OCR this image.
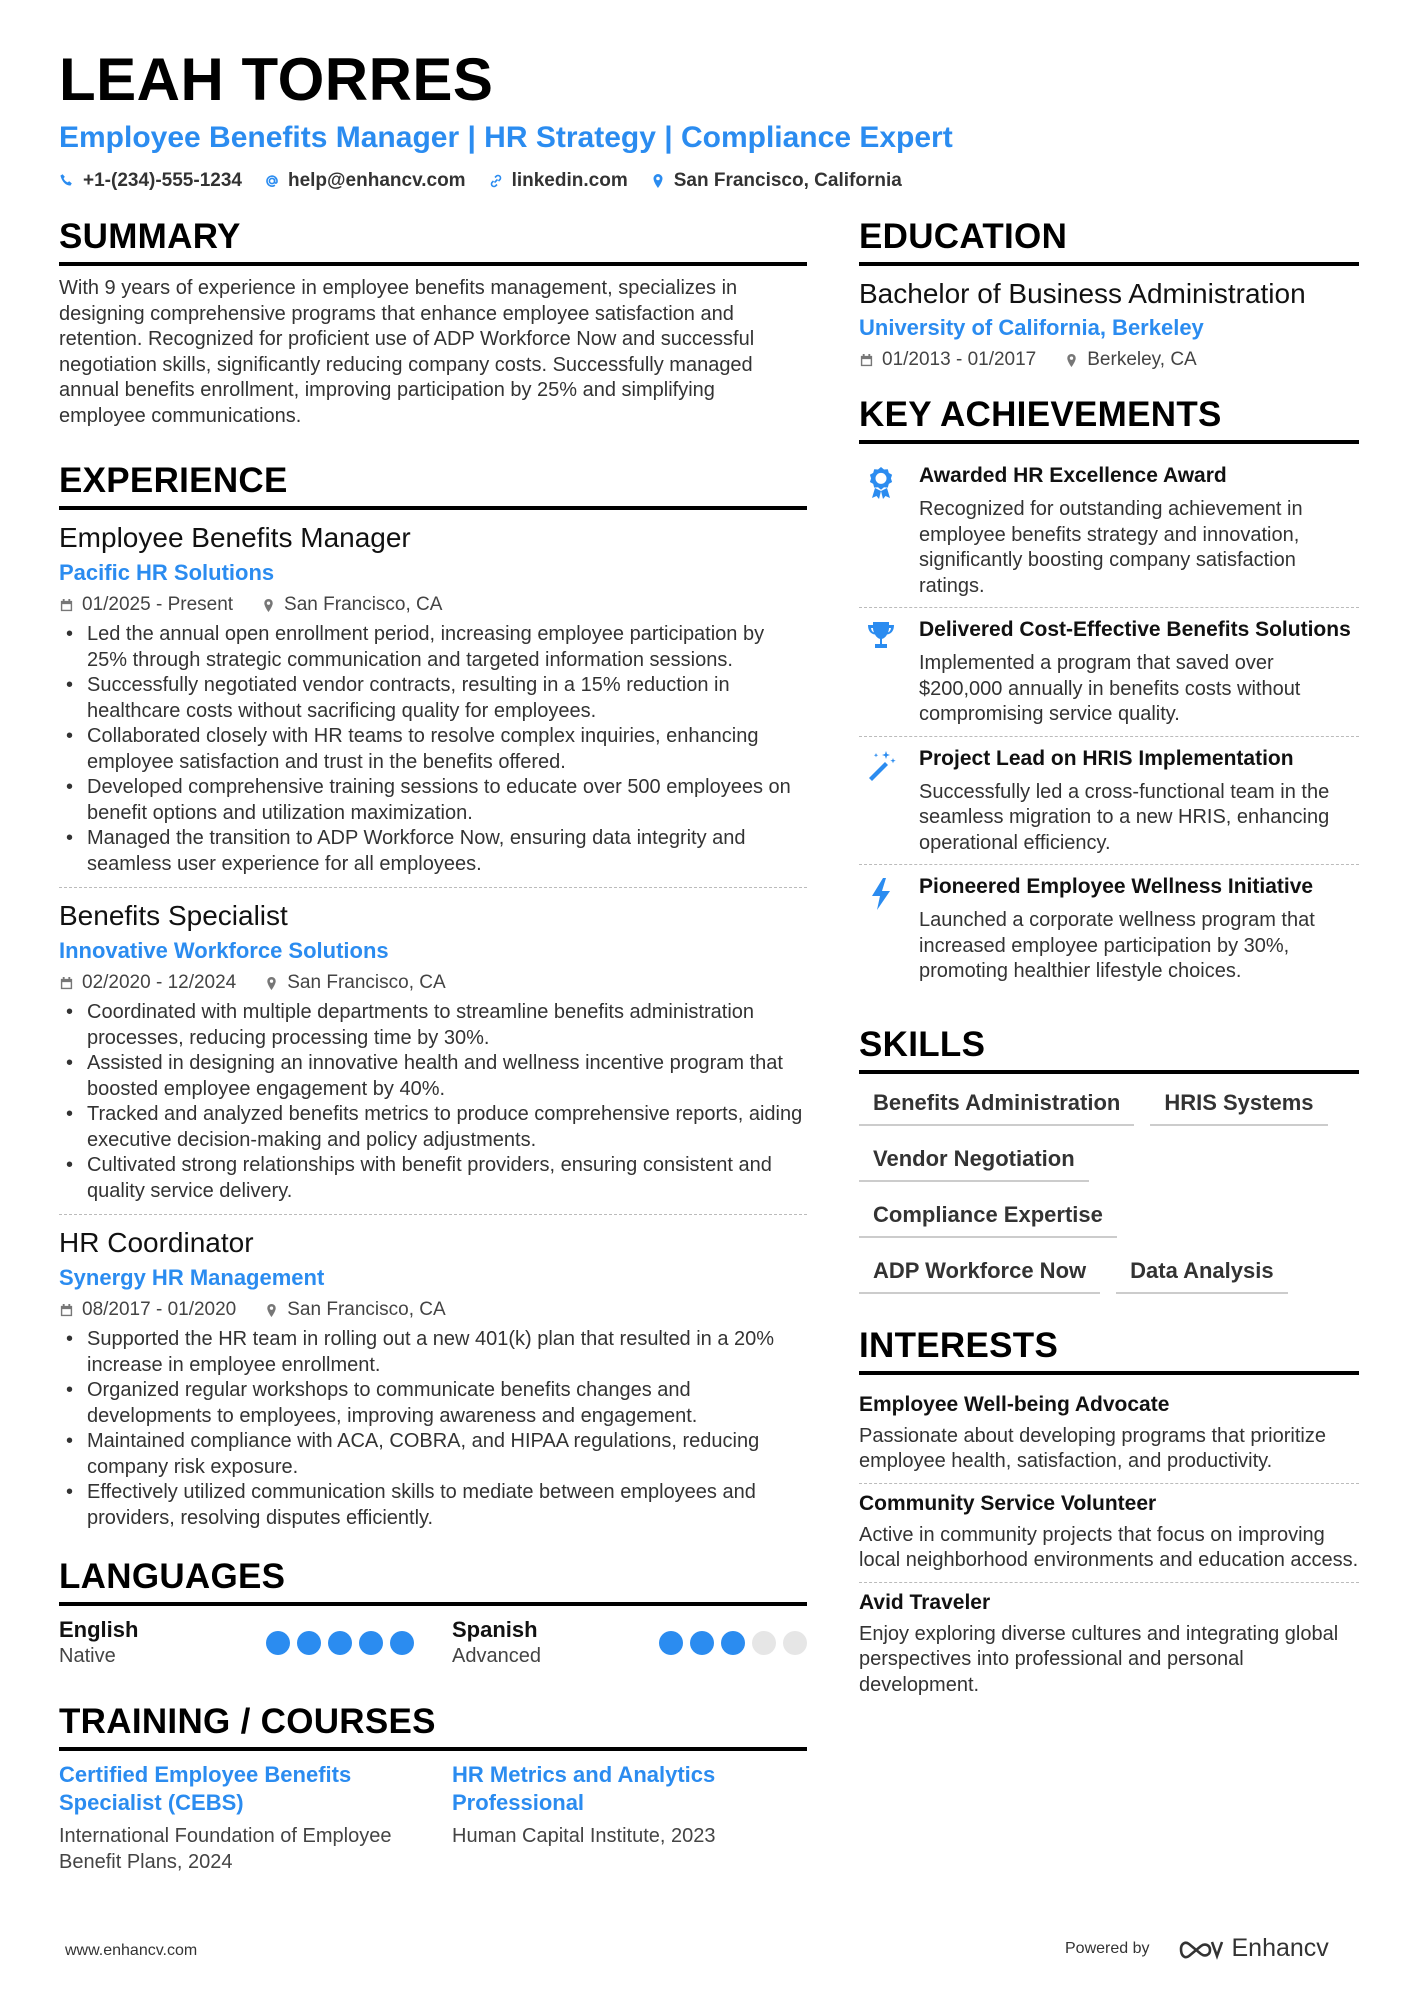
LEAH TORRES
Employee Benefits Manager | HR Strategy | Compliance Expert
+1-(234)-555-1234 help@enhancv.com linkedin.com San Francisco, California
SUMMARY
With 9 years of experience in employee benefits management, specializes in designing comprehensive programs that enhance employee satisfaction and retention. Recognized for proficient use of ADP Workforce Now and successful negotiation skills, significantly reducing company costs. Successfully managed annual benefits enrollment, improving participation by 25% and simplifying employee communications.
EXPERIENCE
Employee Benefits Manager
Pacific HR Solutions
01/2025 - Present	San Francisco, CA
• Led the annual open enrollment period, increasing employee participation by 25% through strategic communication and targeted information sessions.
• Successfully negotiated vendor contracts, resulting in a 15% reduction in healthcare costs without sacrificing quality for employees.
• Collaborated closely with HR teams to resolve complex inquiries, enhancing employee satisfaction and trust in the benefits offered.
• Developed comprehensive training sessions to educate over 500 employees on benefit options and utilization maximization.
• Managed the transition to ADP Workforce Now, ensuring data integrity and seamless user experience for all employees.
Benefits Specialist
Innovative Workforce Solutions
02/2020 - 12/2024	San Francisco, CA
• Coordinated with multiple departments to streamline benefits administration processes, reducing processing time by 30%.
• Assisted in designing an innovative health and wellness incentive program that boosted employee engagement by 40%.
• Tracked and analyzed benefits metrics to produce comprehensive reports, aiding executive decision-making and policy adjustments.
• Cultivated strong relationships with benefit providers, ensuring consistent and quality service delivery.
HR Coordinator
Synergy HR Management
08/2017 - 01/2020	San Francisco, CA
• Supported the HR team in rolling out a new 401(k) plan that resulted in a 20% increase in employee enrollment.
• Organized regular workshops to communicate benefits changes and developments to employees, improving awareness and engagement.
• Maintained compliance with ACA, COBRA, and HIPAA regulations, reducing company risk exposure.
• Effectively utilized communication skills to mediate between employees and providers, resolving disputes efficiently.
LANGUAGES
English
Native
Spanish
Advanced
TRAINING / COURSES
Certified Employee Benefits Specialist (CEBS)
International Foundation of Employee Benefit Plans, 2024
HR Metrics and Analytics Professional
Human Capital Institute, 2023
EDUCATION
Bachelor of Business Administration
University of California, Berkeley
01/2013 - 01/2017	Berkeley, CA
KEY ACHIEVEMENTS
Awarded HR Excellence Award
Recognized for outstanding achievement in employee benefits strategy and innovation, significantly boosting company satisfaction ratings.
Delivered Cost-Effective Benefits Solutions
Implemented a program that saved over $200,000 annually in benefits costs without compromising service quality.
Project Lead on HRIS Implementation
Successfully led a cross-functional team in the seamless migration to a new HRIS, enhancing operational efficiency.
Pioneered Employee Wellness Initiative
Launched a corporate wellness program that increased employee participation by 30%, promoting healthier lifestyle choices.
SKILLS
Benefits Administration	HRIS Systems
Vendor Negotiation
Compliance Expertise
ADP Workforce Now	Data Analysis
INTERESTS
Employee Well-being Advocate
Passionate about developing programs that prioritize employee health, satisfaction, and productivity.
Community Service Volunteer
Active in community projects that focus on improving local neighborhood environments and education access.
Avid Traveler
Enjoy exploring diverse cultures and integrating global perspectives into professional and personal development.
www.enhancv.com	Powered by	Enhancv
